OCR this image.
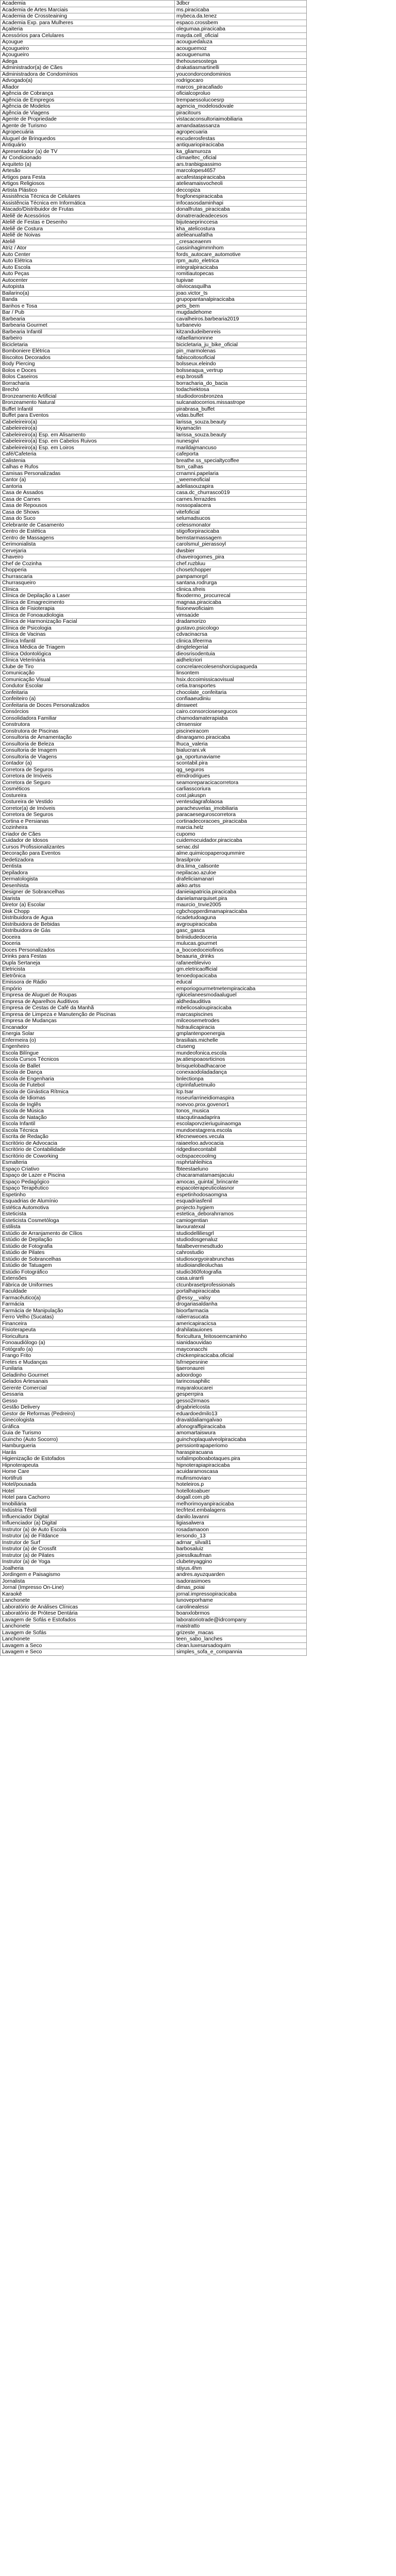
Academia	3dbcr
Academia de Artes Marciais	ms.piracicaba
Academia de Crossteaining	mybeca.da.tenez
Academia Exp. para Mulheres	espaco.crossbem
Açaiteria	olegumaa.piracicaba
Acessórios para Celulares	mayda.cell_oficial
Açougue	acouguedaluza
Açougueiro	acouguemoz
Açougueiro	acouguenuma
Adega	thehousesostega
Administrador(a) de Cães	drakatiasmartinelli
Administradora de Condomínios	youcondorcondominios
Advogado(a)	rodrigocaro
Afiador	marcos_piracafiado
Agência de Cobrança	oficialcoproluo
Agência de Empregos	trempaessolucoesrp
Agência de Modelos	agencia_modelosdovale
Agência de Viagens	piracitours
Agente de Propriedade	vistacaconsultoriaimobiliaria
Agente de Turismo	amandaatassanza
Agropecuária	agropecuaria
Aluguel de Brinquedos	escuderosfestas
Antiquário	antiquariopiracicaba
Apresentador (a) de TV	ka_gliamuroza
Ar Condicionado	climaeltec_oficial
Arquiteto (a)	ars.tranbiqpassimo
Artesão	marcolopes4657
Artigos para Festa	arcafestaspiracicaba
Artigos Religiosos	atelieamaisvocheoli
Artista Plástico	deccopiza
Assistência Técnica de Celulares	frogfonespiracicaba
Assistência Técnica em Informática	infocasosdaminhapi
Atacado/Distribuidor de Frutas	donalfrutas_piracicaba
Ateliê de Acessórios	donatreradeadecesos
Ateliê de Festas e Desenho	bijuteaeprinccesa
Ateliê de Costura	kha_atelicostura
Ateliê de Noivas	atelieanuafatha
Ateliê	_cresaceaenm
Atriz / Ator	cassinhagimmnhom
Auto Center	fords_autocare_automotive
Auto Elétrica	rpm_auto_eletrica
Auto Escola	integralpiracicaba
Auto Peças	romitiautopecas
Autocenter	tupivae
Autopista	oliviocasquilha
Bailarino(a)	joao.victor_ts
Banda	grupopantanalpiracicaba
Banhos e Tosa	pets_bem
Bar / Pub	mugdadehome
Barbearia	cavalheiros.barbearia2019
Barbearia Gourmet	turbanevio
Barbearia Infantil	kitzandudeibenreis
Barbeiro	rafaellamonnne
Bicicletaria	bicicletaria_ju_bike_oficial
Bomboniere Elétrica	pin_marmolenas
Biscoitos Decorados	fabiscoitosoficial
Body Piercing	bolsseux.eleindo
Bolos e Doces	bolsseaqua_vertrup
Bolos Caseiros	esp.brossifi
Borracharia	borracharia_do_bacia
Brechó	todachiektosa
Bronzeamento Artificial	studiodorosbronzea
Bronzeamento Natural	sulcanatocorrios.missastrope
Buffet Infantil	pirabrasa_buffet
Buffet para Eventos	vidas.buffet
Cabeleireiro(a)	larissa_souza.beauty
Cabeleireiro(a)	kiyamaclin
Cabeleireiro(a) Esp. em Alisamento	larissa_souza.beauty
Cabeleireiro(a) Esp. em Cabelos Ruivos	nunesgivi
Cabeleireiro(a) Esp. em Loiros	marildajmancuso
Café/Cafeteria	cafeporta
Calistenia	breathe.ss_specialtycoffee
Calhas e Rufos	tsm_calhas
Camisas Personalizadas	crnamni.papelaria
Cantor (a)	_weemeoficial
Cantoria	adeliasouzapira
Casa de Assados	casa.dc_churrasco019
Casa de Carnes	carnes.ferrazdes
Casa de Repousos	nossopalacera
Casa de Shows	vitefoficial
Casa do Suco	selumadsucos
Celebrante de Casamento	celessmonator
Centro de Estética	stigoflorpiracicaba
Centro de Massagens	bemstarmassagem
Cerimonialista	carolsmul_pierassoyl
Cervejaria	dwsbier
Chaveiro	chaveirogomes_pira
Chef de Cozinha	chef.ruzbluu
Chopperia	chosetchopper
Churrascaria	pampamorgrl
Churrasqueiro	santana.rodrurga
Clínica	clinica.sfreis
Clínica de Depilação a Laser	flixodermo_procurrecal
Clínica de Emagrecimento	magnaa.piracicaba
Clínica de Fisioterapia	fisionewoficiaim
Clínica de Fonoaudiologia	vimsaúde
Clínica de Harmonização Facial	dradamorizo
Clínica de Psicologia	gustavo.psicologo
Clínica de Vacinas	cdvacinacrsa
Clínica Infantil	clinica.tifeerma
Clínica Médica de Triagem	dmgtelegerial
Clínica Odontológica	dieosrisodentuia
Clínica Veterinária	aidhelcriori
Clube de Tiro	concrelarecolesenshorciupaqueda
Comunicação	linsontem
Comunicação Visual	hsix.dccoimissicaovisual
Condutor Escolar	cetia.transportes
Confeitaria	chocolate_confeitaria
Confeiteiro (a)	confiaaeudiniu
Confeitaria de Doces Personalizados	dinsweet
Consórcios	cairo.consorciosesegucos
Consolidadora Familiar	chamodamaterapiaba
Construtora	clmsensior
Construtora de Piscinas	piscineiracom
Consultoria de Amamentação	dinaragamo.piracicaba
Consultoria de Beleza	lhuca_valeria
Consultoria de Imagem	bialucrani.vk
Consultoria de Viagens	ga_oportunaviame
Contador (a)	scontabil.pira
Corretora de Seguros	qg_seguros
Corretora de Imóveis	elmdrodrigues
Corretora de Seguro	seamoreparacicacorretora
Cosméticos	carliasscoriura
Costureira	cost.jakuspn
Costureira de Vestido	ventesdagrafolaosa
Corretor(a) de Imóveis	paracheuvelas_imobiliaria
Corretora de Seguros	paracaeseguroscorretora
Cortina e Persianas	cortinadecoracoes_piracicaba
Cozinheira	marcia.helz
Criador de Cães	cupomo
Cuidador de Idosos	cuidemocuidador.piracicaba
Cursos Profissionalizantes	senac.dsl
Decoração para Eventos	alme.quimicopaperoqummire
Dedetizadora	brasilproiv
Dentista	dra.lima_calisonte
Depiladora	nepilacao.azuloe
Dermatologista	drafeliciamanari
Desenhista	akko.artss
Designer de Sobrancelhas	danieiapatricia.piracicaba
Diarista	danielamarquiset.pira
Diretor (a) Escolar	maurcio_tnvie2005
Disk Chopp	cgbchopperdimamapiracicaba
Distribuidora de Água	ricadetudoaguna
Distribuidora de Bebidas	avgroupiracicaba
Distribuidora de Gás	gasc_gasca
Doceira	bnlnidudedoceria
Doceria	mulucas.gourmet
Doces Personalizados	a_bocoedoceiofinos
Drinks para Festas	beaauria_drinks
Dupla Sertaneja	rafaneeblevivo
Eletricista	gm.eletricaofficial
Eletrônica	tenoedopacicaba
Emissora de Rádio	educal
Empório	emporiogourmetmetempiracicaba
Empresa de Aluguel de Roupas	rgkicelaneesmodaaluguel
Empresa de Aparelhos Auditivos	aldhedauditiva
Empresa de Cestas de Café da Manhã	mbelicosaloupiracicaba
Empresa de Limpeza e Manutenção de Piscinas	marcaspiscines
Empresa de Mudanças	milceosemetrodes
Encanador	hidraulicapiracia
Energia Solar	gmplantenpoenergia
Enfermeira (o)	brasiliais.michelle
Engenheiro	ctuseng
Escola Bilíngue	mundeofonica.escola
Escola Cursos Técnicos	jw.atiespoaosrticinos
Escola de Ballet	brisquelobadhacaroe
Escola de Dança	conexaodoladadança
Escola de Engenharia	bnlectionpa
Escola de Futebol	ctprinfafuetmuilo
Escola de Ginástica Rítmica	lcp.tsar
Escola de Idiomas	nsseurlarrineidiomaspira
Escola de Inglês	noevoo.prox.govenor1
Escola de Música	tonos_musica
Escola de Natação	stacqutinaadaprira
Escola Infantil	escolaporvzieriuguinaomga
Escola Técnica	mundoestagrera.escola
Escrita de Redação	kfecneweoes.vecula
Escritório de Advocacia	raiaeeloo.advocacia
Escritório de Contabilidade	ridgedisecontabil
Escritório de Coworking	ocbspacecoolmg
Esmalteria	nsphrtahleihica
Espaço Criativo	fbteestaeluno
Espaço de Lazer e Piscina	chacaramatamaesjacuiu
Espaço Pedagógico	amocas_quintal_brincante
Espaço Terapêutico	espacoterapeuticolasnor
Espetinho	espetinhodosaomgna
Esquadrias de Alumínio	esquadriasfenil
Estética Automotiva	projecto.hygiem
Esteticista	estetica_deborahrramos
Esteticista Cosmetóloga	camiogentian
Estilista	lavouratexal
Estúdio de Arranjamento de Cílios	studiodelliliesgrl
Estúdio de Depilação	studiodosgenaluz
Estúdio de Fotografia	fatalbevermesdtudo
Estúdio de Pilates	cahrostudio
Estúdio de Sobrancelhas	studiosorgyoirabrunchas
Estúdio de Tatuagem	studioiandleoluchas
Estúdio Fotográfico	studio360fotografia
Extensões	casa.uirarrli
Fábrica de Uniformes	ctcunbrasetprofessionals
Faculdade	portalhapiracicaba
Farmacêutico(a)	@essy__valsy
Farmácia	drogariasaldanha
Farmácia de Manipulação	bioorfarmacia
Ferro Velho (Sucatas)	ralierrasucata
Financeira	americapiracicsa
Fisioterapeuta	drahilatauiones
Floricultura	floricultura_feitosoemcaminho
Fonoaudiólogo (a)	sianidaouvidao
Fotógrafo (a)	mayconacchi
Frango Frito	chickenpiracicaba.oficial
Fretes e Mudanças	lsfrnepesnine
Funilaria	tjaeronaurei
Geladinho Gourmet	adoordogo
Gelados Artesanais	tarincosaphilic
Gerente Comercial	mayaraloucarei
Gessaria	gesperrpira
Gesso	gesso2irmaos
Gestão Delivery	drgabrielcosta
Gestor de Reformas (Pedreiro)	eduardoedmilo13
Ginecologista	dravaldaliamgalvao
Gráfica	afonograffipiracicaba
Guia de Turismo	amomartaiswura
Guincho (Auto Socorro)	guinchoplaqualveolpiracicaba
Hamburgueria	perssiontrapaperiomo
Harás	haraspiracuana
Higienização de Estofados	sofalimpoboabotaques.pira
Hipnoterapeuta	hipnoterapiapiracicaba
Home Care	acuidaramoscasa
Hortifruti	mufinsmoviaro
Hotel/pousada	hoteleiros.p
Hotel	hotellotoabuer
Hotel para Cachorro	dogall.com.pb
Imobiliária	melhorimoyanpiracicaba
Indústria Têxtil	tecfrtext.embalagens
Influenciador Digital	danilo.lavanni
Influenciador (a) Digital	ligiasalwera
Instrutor (a) de Auto Escola	rosadamaoon
Instrutor (a) de Fitdance	lersondo_13
Instrutor de Surf	adrnar_silva81
Instrutor (a) de Crossfit	barbosaluiz
Instrutor (a) de Pilates	joiesslkaufman
Instrutor (a) de Yoga	clubeteyaggino
Joalheria	stiyus.4hm
Jordingem e Paisagismo	andres.ayuzquarden
Jornalista	isadorasimoes
Jornal (Impresso On-Line)	dimas_poiai
Karaokê	jornal.impressopiracicaba
Lanchonete	lunoveporhame
Laboratório de Análises Clínicas	carolinealessi
Laboratório de Prótese Dentária	boanxlobrmos
Lavagem de Sofás e Estofados	laboratoriotrade@idrcompany
Lanchonete	maistratto
Lavagem de Sofás	grizeste_macas
Lanchonete	teen_sabo_lanches
Lavagem a Seco	clean.luxesarsadoquim
Lavagem e Seco	simples_sofa_e_compannia
